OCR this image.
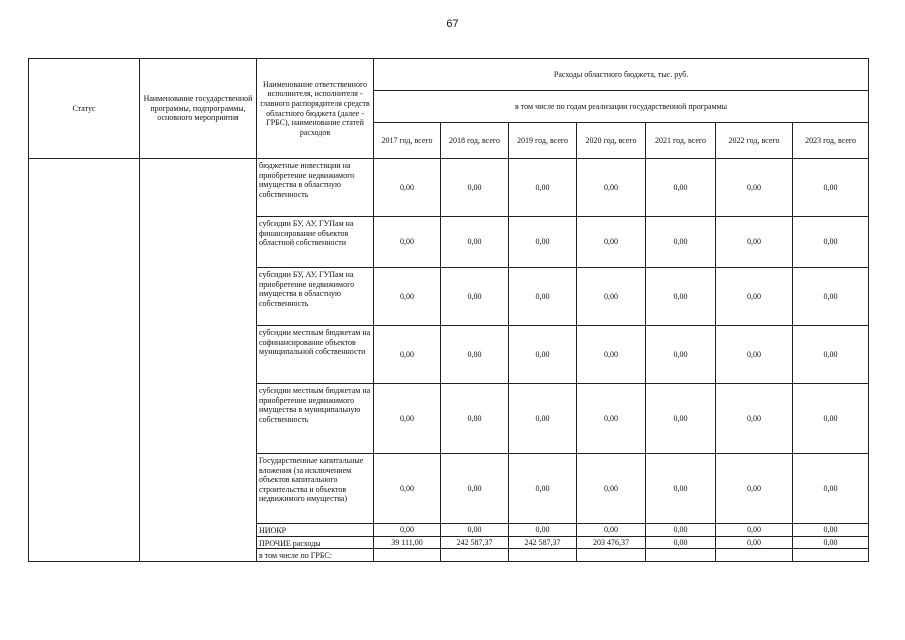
67
Статус	Наименование государственной программы, подпрограммы, основного мероприятия	Наименование ответственного исполнителя, исполнителя - главного распорядителя средств областного бюджета (далее - ГРБС), наименование статей расходов	Расходы областного бюджета, тыс. руб.						
			в том числе по годам реализации государственной программы						
			2017 год, всего	2018 год, всего	2019 год, всего	2020 год, всего	2021 год, всего	2022 год, всего	2023 год, всего
		бюджетные инвестиции на приобретение недвижимого имущества в областную собственность	0,00	0,00	0,00	0,00	0,00	0,00	0,00
		субсидии БУ, АУ, ГУПам на финансирование объектов областной собственности	0,00	0,00	0,00	0,00	0,00	0,00	0,00
		субсидии БУ, АУ, ГУПам на приобретение недвижимого имущества в областную собственность	0,00	0,00	0,00	0,00	0,00	0,00	0,00
		субсидии местным бюджетам на софинансирование объектов муниципальной собственности	0,00	0,00	0,00	0,00	0,00	0,00	0,00
		субсидии местным бюджетам на приобретение недвижимого имущества в муниципальную собственность	0,00	0,00	0,00	0,00	0,00	0,00	0,00
		Государственные капитальные вложения (за исключением объектов капитального строительства и объектов недвижимого имущества)	0,00	0,00	0,00	0,00	0,00	0,00	0,00
		НИОКР	0,00	0,00	0,00	0,00	0,00	0,00	0,00
		ПРОЧИЕ расходы	39 111,00	242 587,37	242 587,37	203 476,37	0,00	0,00	0,00
		в том числе по ГРБС:							
